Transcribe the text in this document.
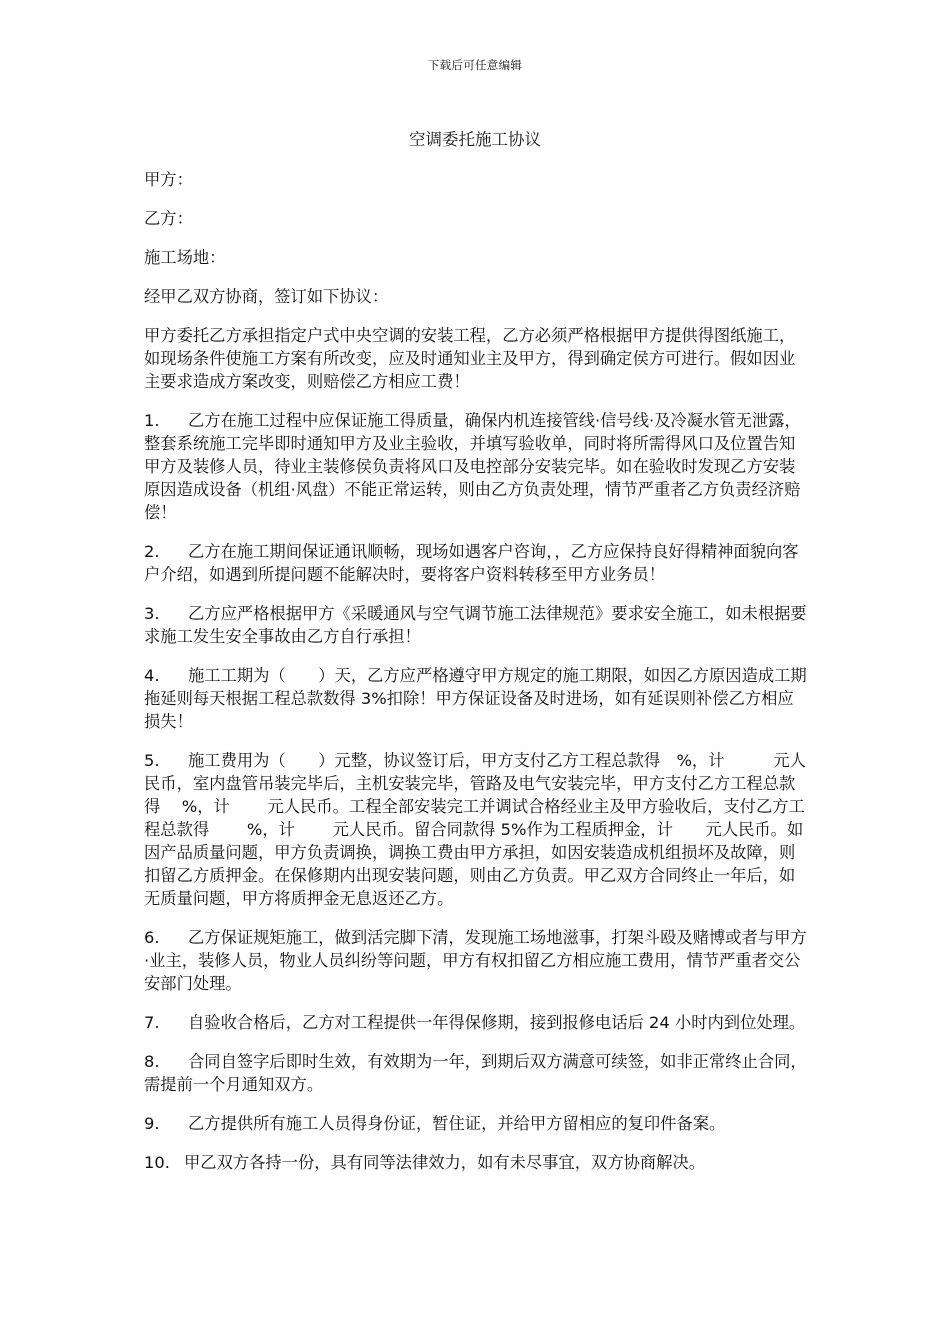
下载后可任意编辑
空调委托施工协议

甲方：

乙方：

施工场地：

经甲乙双方协商，签订如下协议：

甲方委托乙方承担指定户式中央空调的安装工程，乙方必须严格根据甲方提供得图纸施工，如现场条件使施工方案有所改变，应及时通知业主及甲方，得到确定侯方可进行。假如因业主要求造成方案改变，则赔偿乙方相应工费！

1. 乙方在施工过程中应保证施工得质量，确保内机连接管线·信号线·及冷凝水管无泄露，整套系统施工完毕即时通知甲方及业主验收，并填写验收单，同时将所需得风口及位置告知甲方及装修人员，待业主装修侯负责将风口及电控部分安装完毕。如在验收时发现乙方安装原因造成设备（机组·风盘）不能正常运转，则由乙方负责处理，情节严重者乙方负责经济赔偿！

2. 乙方在施工期间保证通讯顺畅，现场如遇客户咨询，，乙方应保持良好得精神面貌向客户介绍，如遇到所提问题不能解决时，要将客户资料转移至甲方业务员！

3. 乙方应严格根据甲方《采暖通风与空气调节施工法律规范》要求安全施工，如未根据要求施工发生安全事故由乙方自行承担！

4. 施工工期为（　　）天，乙方应严格遵守甲方规定的施工期限，如因乙方原因造成工期拖延则每天根据工程总款数得 3%扣除！甲方保证设备及时进场，如有延误则补偿乙方相应损失！

5. 施工费用为（　　）元整，协议签订后，甲方支付乙方工程总款得　%，计　　　元人民币，室内盘管吊装完毕后，主机安装完毕，管路及电气安装完毕，甲方支付乙方工程总款得　 %，计　　 元人民币。工程全部安装完工并调试合格经业主及甲方验收后，支付乙方工程总款得　　 %，计　　 元人民币。留合同款得 5%作为工程质押金，计　　元人民币。如因产品质量问题，甲方负责调换，调换工费由甲方承担，如因安装造成机组损坏及故障，则扣留乙方质押金。在保修期内出现安装问题，则由乙方负责。甲乙双方合同终止一年后，如无质量问题，甲方将质押金无息返还乙方。

6. 乙方保证规矩施工，做到活完脚下清，发现施工场地滋事，打架斗殴及赌博或者与甲方·业主，装修人员，物业人员纠纷等问题，甲方有权扣留乙方相应施工费用，情节严重者交公安部门处理。

7. 自验收合格后，乙方对工程提供一年得保修期，接到报修电话后 24 小时内到位处理。

8. 合同自签字后即时生效，有效期为一年，到期后双方满意可续签，如非正常终止合同，需提前一个月通知双方。

9. 乙方提供所有施工人员得身份证，暂住证，并给甲方留相应的复印件备案。

10. 甲乙双方各持一份，具有同等法律效力，如有未尽事宜，双方协商解决。
